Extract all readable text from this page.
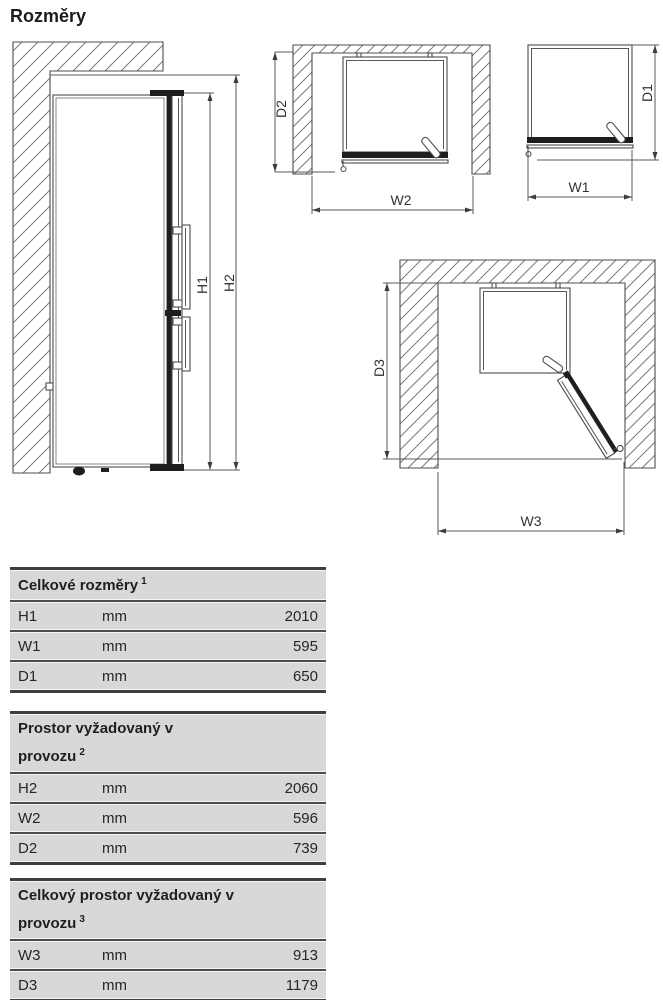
Rozměry
H1 H2
D2
W2
D1
W1
D3
W3

Celkové rozměry $^1$

H1	mm	2010
W1	mm	595
D1	mm	650

Prostor vyžadovaný v provozu $^2$

H2	mm	2060
W2	mm	596
D2	mm	739

Celkový prostor vyžadovaný v provozu $^3$

W3	mm	913
D3	mm	1179
